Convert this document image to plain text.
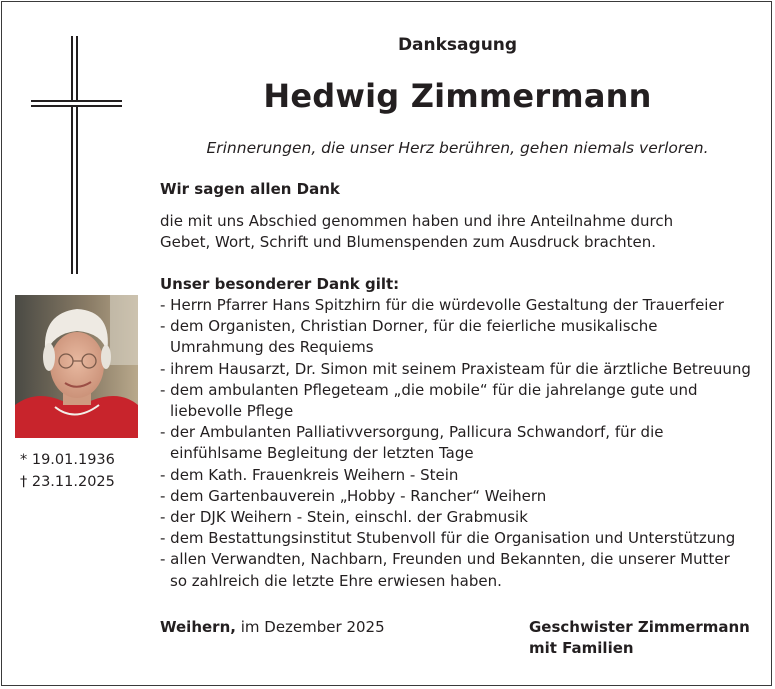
* 19.01.1936
† 23.11.2025
Danksagung
Hedwig Zimmermann
Erinnerungen, die unser Herz berühren, gehen niemals verloren.
Wir sagen allen Dank
die mit uns Abschied genommen haben und ihre Anteilnahme durch
Gebet, Wort, Schrift und Blumenspenden zum Ausdruck brachten.
Unser besonderer Dank gilt:
- Herrn Pfarrer Hans Spitzhirn für die würdevolle Gestaltung der Trauerfeier
- dem Organisten, Christian Dorner, für die feierliche musikalische
Umrahmung des Requiems
- ihrem Hausarzt, Dr. Simon mit seinem Praxisteam für die ärztliche Betreuung
- dem ambulanten Pflegeteam „die mobile“ für die jahrelange gute und
liebevolle Pflege
- der Ambulanten Palliativversorgung, Pallicura Schwandorf, für die
einfühlsame Begleitung der letzten Tage
- dem Kath. Frauenkreis Weihern - Stein
- dem Gartenbauverein „Hobby - Rancher“ Weihern
- der DJK Weihern - Stein, einschl. der Grabmusik
- dem Bestattungsinstitut Stubenvoll für die Organisation und Unterstützung
- allen Verwandten, Nachbarn, Freunden und Bekannten, die unserer Mutter
so zahlreich die letzte Ehre erwiesen haben.
Weihern, im Dezember 2025	Geschwister Zimmermann
mit Familien
